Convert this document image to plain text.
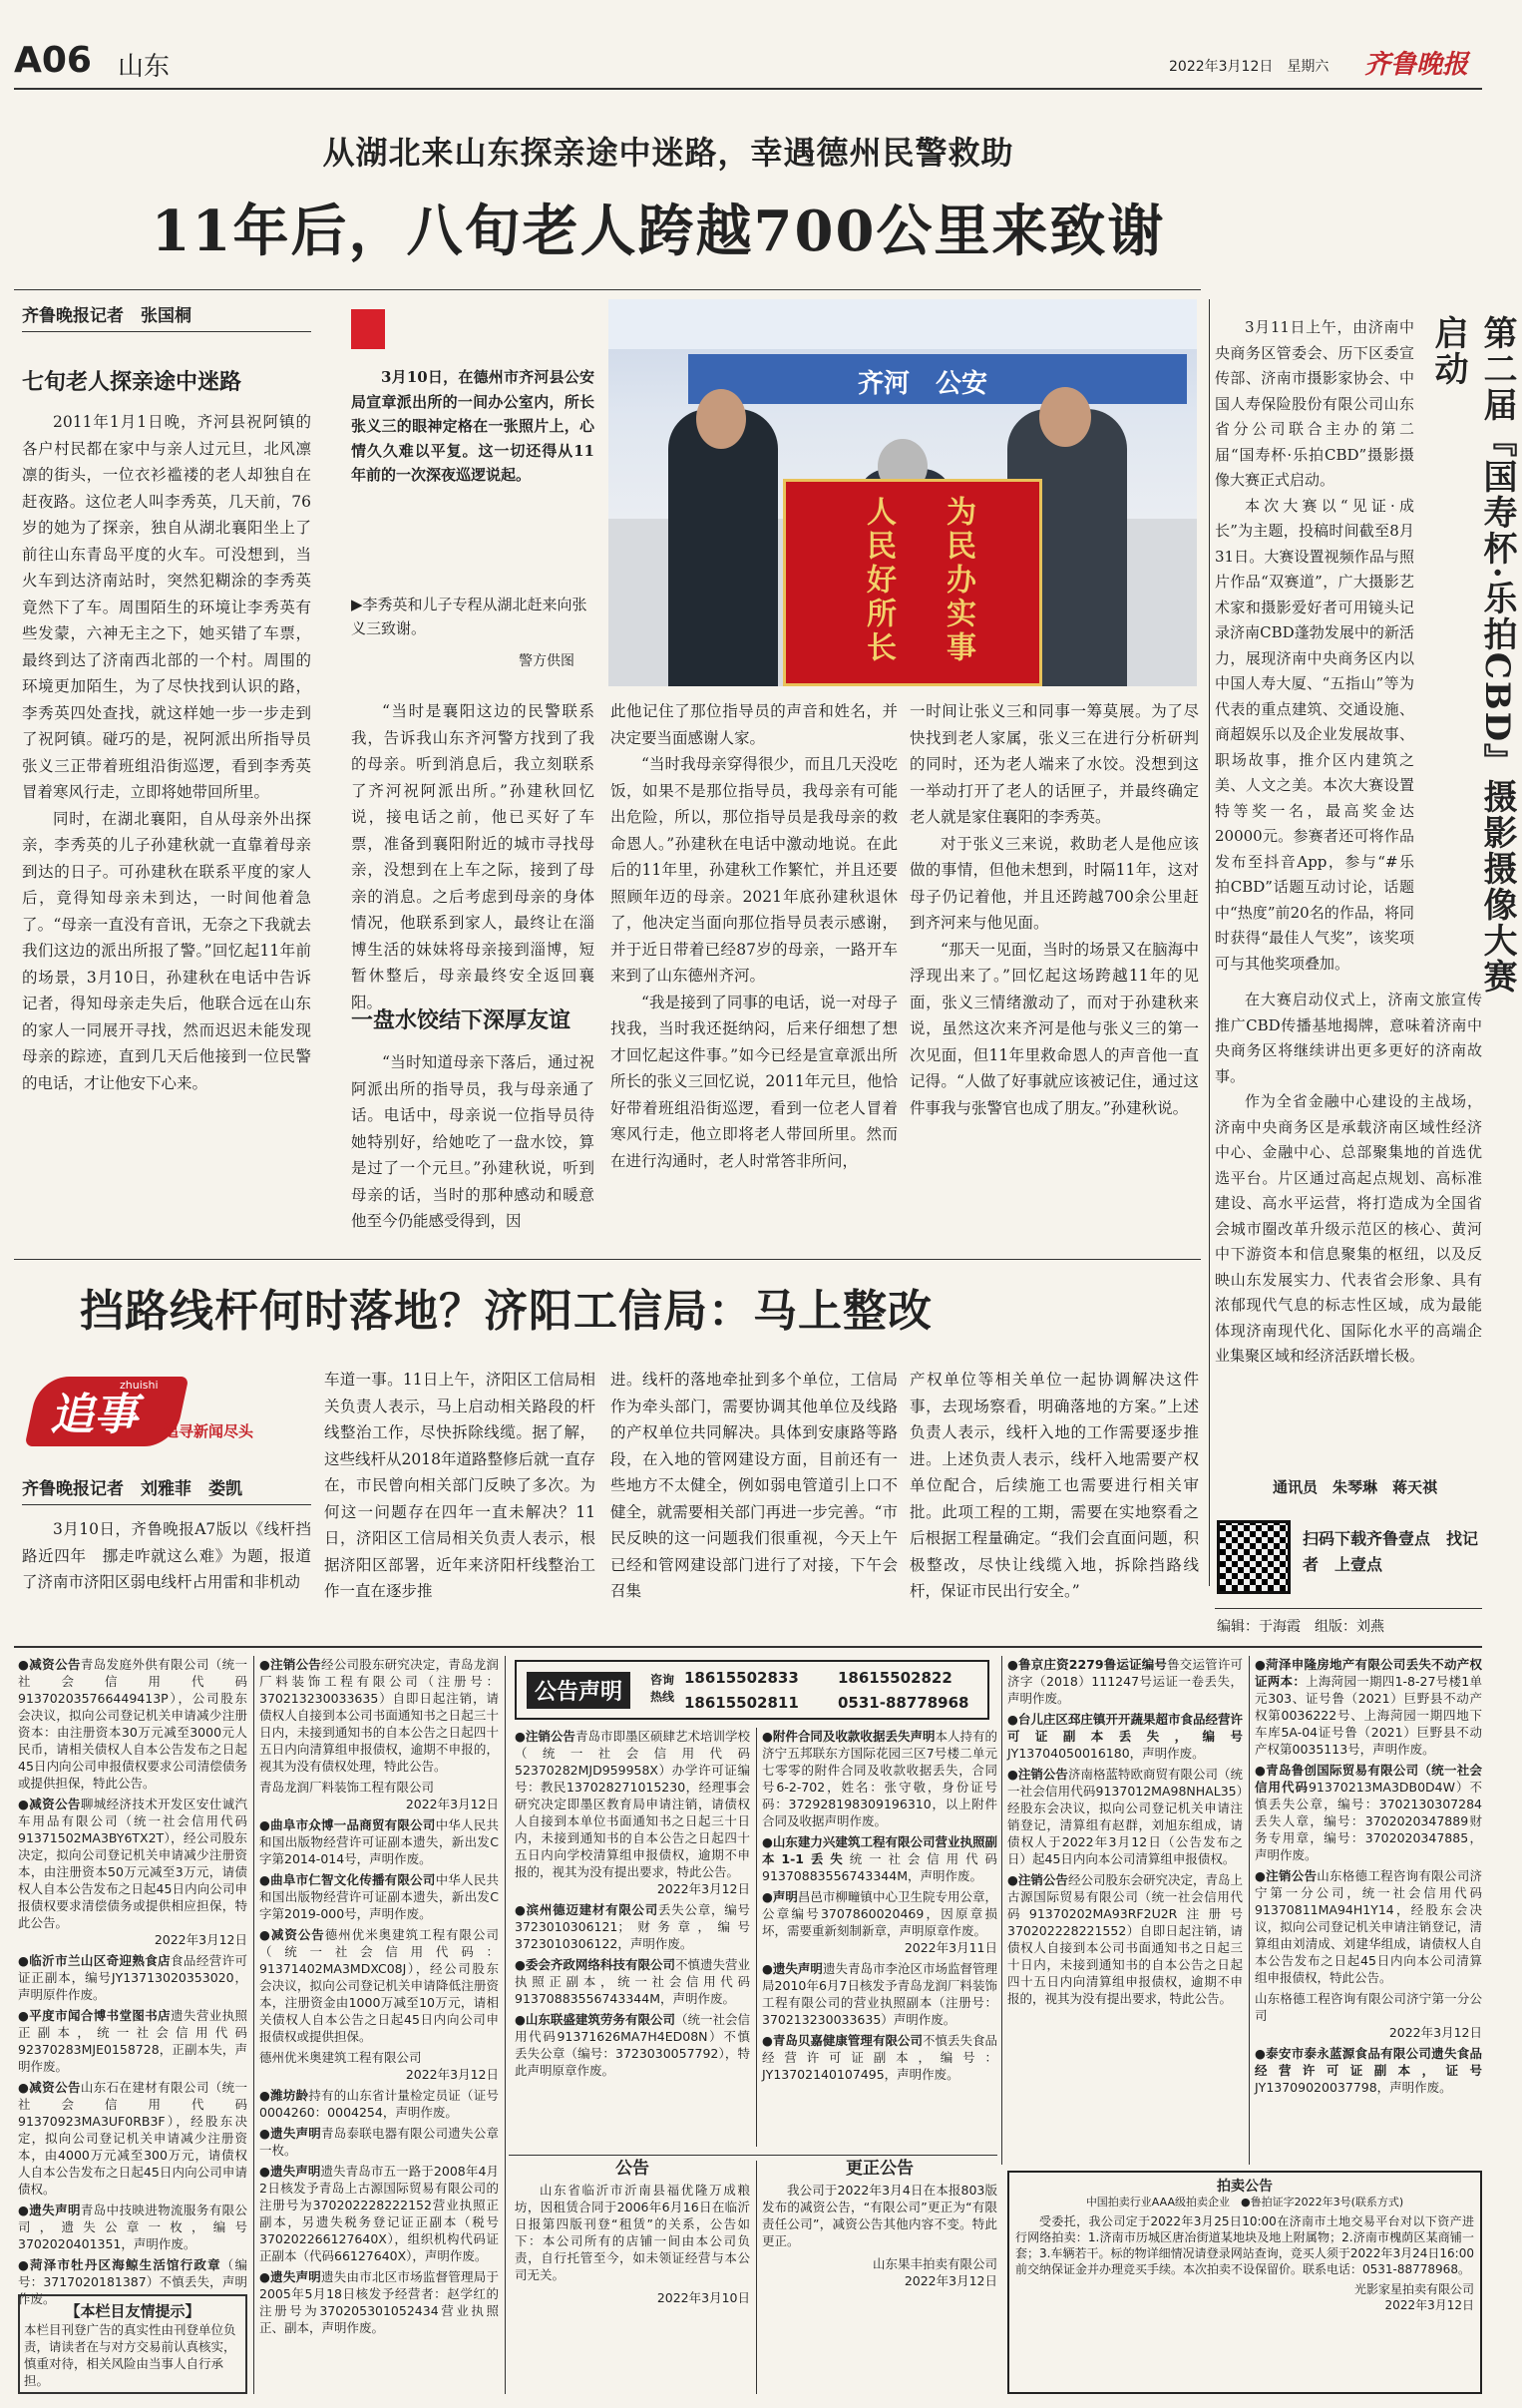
A06 山东	2022年3月12日　星期六 齐鲁晚报
从湖北来山东探亲途中迷路，幸遇德州民警救助
11年后，八旬老人跨越700公里来致谢
齐鲁晚报记者　张国桐
七旬老人探亲途中迷路

2011年1月1日晚，齐河县祝阿镇的各户村民都在家中与亲人过元旦，北风凛凛的街头，一位衣衫褴褛的老人却独自在赶夜路。这位老人叫李秀英，几天前，76岁的她为了探亲，独自从湖北襄阳坐上了前往山东青岛平度的火车。可没想到，当火车到达济南站时，突然犯糊涂的李秀英竟然下了车。周围陌生的环境让李秀英有些发蒙，六神无主之下，她买错了车票，最终到达了济南西北部的一个村。周围的环境更加陌生，为了尽快找到认识的路，李秀英四处查找，就这样她一步一步走到了祝阿镇。碰巧的是，祝阿派出所指导员张义三正带着班组沿街巡逻，看到李秀英冒着寒风行走，立即将她带回所里。

同时，在湖北襄阳，自从母亲外出探亲，李秀英的儿子孙建秋就一直靠着母亲到达的日子。可孙建秋在联系平度的家人后，竟得知母亲未到达，一时间他着急了。“母亲一直没有音讯，无奈之下我就去我们这边的派出所报了警。”回忆起11年前的场景，3月10日，孙建秋在电话中告诉记者，得知母亲走失后，他联合远在山东的家人一同展开寻找，然而迟迟未能发现母亲的踪迹，直到几天后他接到一位民警的电话，才让他安下心来。

3月10日，在德州市齐河县公安局宣章派出所的一间办公室内，所长张义三的眼神定格在一张照片上，心情久久难以平复。这一切还得从11年前的一次深夜巡逻说起。
▶李秀英和儿子专程从湖北赶来向张义三致谢。
警方供图
齐河　公安
为民办实事
人民好所长

“当时是襄阳这边的民警联系我，告诉我山东齐河警方找到了我的母亲。听到消息后，我立刻联系了齐河祝阿派出所。”孙建秋回忆说，接电话之前，他已买好了车票，准备到襄阳附近的城市寻找母亲，没想到在上车之际，接到了母亲的消息。之后考虑到母亲的身体情况，他联系到家人，最终让在淄博生活的妹妹将母亲接到淄博，短暂休整后，母亲最终安全返回襄阳。

一盘水饺结下深厚友谊

“当时知道母亲下落后，通过祝阿派出所的指导员，我与母亲通了话。电话中，母亲说一位指导员待她特别好，给她吃了一盘水饺，算是过了一个元旦。”孙建秋说，听到母亲的话，当时的那种感动和暖意他至今仍能感受得到，因

此他记住了那位指导员的声音和姓名，并决定要当面感谢人家。

“当时我母亲穿得很少，而且几天没吃饭，如果不是那位指导员，我母亲有可能出危险，所以，那位指导员是我母亲的救命恩人。”孙建秋在电话中激动地说。在此后的11年里，孙建秋工作繁忙，并且还要照顾年迈的母亲。2021年底孙建秋退休了，他决定当面向那位指导员表示感谢，并于近日带着已经87岁的母亲，一路开车来到了山东德州齐河。

“我是接到了同事的电话，说一对母子找我，当时我还挺纳闷，后来仔细想了想才回忆起这件事。”如今已经是宣章派出所所长的张义三回忆说，2011年元旦，他恰好带着班组沿街巡逻，看到一位老人冒着寒风行走，他立即将老人带回所里。然而在进行沟通时，老人时常答非所问，

一时间让张义三和同事一筹莫展。为了尽快找到老人家属，张义三在进行分析研判的同时，还为老人端来了水饺。没想到这一举动打开了老人的话匣子，并最终确定老人就是家住襄阳的李秀英。

对于张义三来说，救助老人是他应该做的事情，但他未想到，时隔11年，这对母子仍记着他，并且还跨越700余公里赶到齐河来与他见面。

“那天一见面，当时的场景又在脑海中浮现出来了。”回忆起这场跨越11年的见面，张义三情绪激动了，而对于孙建秋来说，虽然这次来齐河是他与张义三的第一次见面，但11年里救命恩人的声音他一直记得。“人做了好事就应该被记住，通过这件事我与张警官也成了朋友。”孙建秋说。

3月11日上午，由济南中央商务区管委会、历下区委宣传部、济南市摄影家协会、中国人寿保险股份有限公司山东省分公司联合主办的第二届“国寿杯·乐拍CBD”摄影摄像大赛正式启动。

本次大赛以“见证·成长”为主题，投稿时间截至8月31日。大赛设置视频作品与照片作品“双赛道”，广大摄影艺术家和摄影爱好者可用镜头记录济南CBD蓬勃发展中的新活力，展现济南中央商务区内以中国人寿大厦、“五指山”等为代表的重点建筑、交通设施、商超娱乐以及企业发展故事、职场故事，推介区内建筑之美、人文之美。本次大赛设置特等奖一名，最高奖金达20000元。参赛者还可将作品发布至抖音App，参与“#乐拍CBD”话题互动讨论，话题中“热度”前20名的作品，将同时获得“最佳人气奖”，该奖项可与其他奖项叠加。	第二届『国寿杯·乐拍CBD』摄影摄像大赛启动

在大赛启动仪式上，济南文旅宣传推广CBD传播基地揭牌，意味着济南中央商务区将继续讲出更多更好的济南故事。

作为全省金融中心建设的主战场，济南中央商务区是承载济南区域性经济中心、金融中心、总部聚集地的首选优选平台。片区通过高起点规划、高标准建设、高水平运营，将打造成为全国省会城市圈改革升级示范区的核心、黄河中下游资本和信息聚集的枢纽，以及反映山东发展实力、代表省会形象、具有浓郁现代气息的标志性区域，成为最能体现济南现代化、国际化水平的高端企业集聚区域和经济活跃增长极。

通讯员　朱琴琳　蒋天祺
扫码下载齐鲁壹点　找记者　上壹点
编辑：于海霞　组版：刘燕
挡路线杆何时落地？济阳工信局：马上整改
追事
zhuishi
追寻新闻尽头
齐鲁晚报记者　刘雅菲　娄凯

3月10日，齐鲁晚报A7版以《线杆挡路近四年　挪走咋就这么难》为题，报道了济南市济阳区弱电线杆占用雷和非机动

车道一事。11日上午，济阳区工信局相关负责人表示，马上启动相关路段的杆线整治工作，尽快拆除线缆。据了解，这些线杆从2018年道路整修后就一直存在，市民曾向相关部门反映了多次。为何这一问题存在四年一直未解决？11日，济阳区工信局相关负责人表示，根据济阳区部署，近年来济阳杆线整治工作一直在逐步推

进。线杆的落地牵扯到多个单位，工信局作为牵头部门，需要协调其他单位及线路的产权单位共同解决。具体到安康路等路段，在入地的管网建设方面，目前还有一些地方不太健全，例如弱电管道引上口不健全，就需要相关部门再进一步完善。“市民反映的这一问题我们很重视，今天上午已经和管网建设部门进行了对接，下午会召集

产权单位等相关单位一起协调解决这件事，去现场察看，明确落地的方案。”上述负责人表示，线杆入地的工作需要逐步推进。上述负责人表示，线杆入地需要产权单位配合，后续施工也需要进行相关审批。此项工程的工期，需要在实地察看之后根据工程量确定。“我们会直面问题，积极整改，尽快让线缆入地，拆除挡路线杆，保证市民出行安全。”

●减资公告青岛发庭外供有限公司（统一社会信用代码913702035766449413P），公司股东会决议，拟向公司登记机关申请减少注册资本：由注册资本30万元减至3000元人民币，请相关债权人自本公告发布之日起45日内向公司申报债权要求公司清偿债务或提供担保，特此公告。
●减资公告聊城经济技术开发区安仕诚汽车用品有限公司（统一社会信用代码91371502MA3BY6TX2T），经公司股东决定，拟向公司登记机关申请减少注册资本，由注册资本50万元减至3万元，请债权人自本公告发布之日起45日内向公司申报债权要求清偿债务或提供相应担保，特此公告。
2022年3月12日
●临沂市兰山区奇迎熟食店食品经营许可证正副本，编号JY13713020353020，声明原件作废。
●平度市闻合博书堂图书店遗失营业执照正副本，统一社会信用代码92370283MJE0158728，正副本失，声明作废。
●减资公告山东石在建材有限公司（统一社会信用代码91370923MA3UF0RB3F），经股东决定，拟向公司登记机关申请减少注册资本，由4000万元减至300万元，请债权人自本公告发布之日起45日内向公司申请债权。
●遗失声明青岛中技映进物流服务有限公司，遗失公章一枚，编号3702020401351，声明作废。
●菏泽市牡丹区海鲸生活馆行政章（编号：3717020181387）不慎丢失，声明作废。
【本栏目友情提示】
本栏目刊登广告的真实性由刊登单位负责，请读者在与对方交易前认真核实，慎重对待，相关风险由当事人自行承担。
●注销公告经公司股东研究决定，青岛龙润厂料装饰工程有限公司（注册号：370213230033635）自即日起注销，请债权人自接到本公司书面通知书之日起三十日内，未接到通知书的自本公告之日起四十五日内向清算组申报债权，逾期不申报的，视其为没有债权处理，特此公告。
青岛龙润厂料装饰工程有限公司
2022年3月12日
●曲阜市众博一品商贸有限公司中华人民共和国出版物经营许可证副本遗失，新出发C字第2014-014号，声明作废。
●曲阜市仁智文化传播有限公司中华人民共和国出版物经营许可证副本遗失，新出发C字第2019-000号，声明作废。
●减资公告德州优米奥建筑工程有限公司（统一社会信用代码：91371402MA3MDXC08J），经公司股东会决议，拟向公司登记机关申请降低注册资本，注册资金由1000万减至10万元，请相关债权人自本公告之日起45日内向公司申报债权或提供担保。
德州优米奥建筑工程有限公司
2022年3月12日
●潍坊龄持有的山东省计量检定员证（证号0004260：0004254，声明作废。
●遗失声明青岛泰联电器有限公司遗失公章一枚。
●遗失声明遗失青岛市五一路于2008年4月2日核发予青岛上古源国际贸易有限公司的注册号为370202228222152营业执照正副本，另遗失税务登记证正副本（税号370202266127640X），组织机构代码证正副本（代码66127640X），声明作废。
●遗失声明遗失由市北区市场监督管理局于2005年5月18日核发予经营者：赵学红的注册号为370205301052434营业执照正、副本，声明作废。
公告声明	咨询热线
18615502833	18615502822
18615502811	0531-88778968
●注销公告青岛市即墨区硕肆艺术培训学校（统一社会信用代码52370282MJD959958X）办学许可证编号：教民137028271015230，经理事会研究决定即墨区教育局申请注销，请债权人自接到本单位书面通知书之日起三十日内，未接到通知书的自本公告之日起四十五日内向学校清算组申报债权，逾期不申报的，视其为没有提出要求，特此公告。
2022年3月12日
●滨州德迈建材有限公司丢失公章，编号3723010306121；财务章，编号3723010306122，声明作废。
●委会齐政网络科技有限公司不慎遗失营业执照正副本，统一社会信用代码91370883556743344M，声明作废。
●山东联盛建筑劳务有限公司（统一社会信用代码91371626MA7H4ED08N）不慎丢失公章（编号：3723030057792），特此声明原章作废。
●附件合同及收款收据丢失声明本人持有的济宁五邦联东方国际花园三区7号楼二单元七零零的附件合同及收款收据丢失，合同号6-2-702，姓名：张守敬，身份证号码：372928198309196310，以上附件合同及收据声明作废。
●山东建力兴建筑工程有限公司营业执照副本1-1丢失统一社会信用代码91370883556743344M，声明作废。
●声明昌邑市柳疃镇中心卫生院专用公章，公章编号3707860020469，因原章损坏，需要重新刻制新章，声明原章作废。
2022年3月11日
●遗失声明遗失青岛市李沧区市场监督管理局2010年6月7日核发予青岛龙润厂料装饰工程有限公司的营业执照副本（注册号：370213230033635）声明作废。
●青岛贝嘉健康管理有限公司不慎丢失食品经营许可证副本，编号：JY13702140107495，声明作废。
●鲁京庄资2279鲁运证编号鲁交运管许可济字（2018）111247号运证一卷丢失，声明作废。
●台儿庄区邳庄镇开开蔬果超市食品经营许可证副本丢失，编号JY13704050016180，声明作废。
●注销公告济南格蓝特欧商贸有限公司（统一社会信用代码9137012MA98NHAL35）经股东会决议，拟向公司登记机关申请注销登记，清算组有赵群，刘旭东组成，请债权人于2022年3月12日（公告发布之日）起45日内向本公司清算组申报债权。
●注销公告经公司股东会研究决定，青岛上古源国际贸易有限公司（统一社会信用代码91370202MA93RF2U2R注册号370202228221552）自即日起注销，请债权人自接到本公司书面通知书之日起三十日内，未接到通知书的自本公告之日起四十五日内向清算组申报债权，逾期不申报的，视其为没有提出要求，特此公告。
●菏泽申隆房地产有限公司丢失不动产权证两本：上海菏园一期四1-8-27号楼1单元303、证号鲁（2021）巨野县不动产权第0036222号、上海菏园一期四地下车库5A-04证号鲁（2021）巨野县不动产权第0035113号，声明作废。
●青岛鲁创国际贸易有限公司（统一社会信用代码91370213MA3DB0D4W）不慎丢失公章，编号：3702130307284丢失人章，编号：3702020347889财务专用章，编号：3702020347885，声明作废。
●注销公告山东格德工程咨询有限公司济宁第一分公司，统一社会信用代码91370811MA94H1Y14，经股东会决议，拟向公司登记机关申请注销登记，清算组由刘清成、刘建华组成，请债权人自本公告发布之日起45日内向本公司清算组申报债权，特此公告。
山东格德工程咨询有限公司济宁第一分公司
2022年3月12日
●泰安市泰永蓝源食品有限公司遗失食品经营许可证副本，证号JY13709020037798，声明作废。
公告
山东省临沂市沂南县福优隆万成粮坊，因租赁合同于2006年6月16日在临沂日报第四版刊登“租赁”的关系，公告如下：本公司所有的店铺一间由本公司负责，自行托管至今，如未领证经营与本公司无关。
2022年3月10日
更正公告
我公司于2022年3月4日在本报803版发布的减资公告，“有限公司”更正为“有限责任公司”，减资公告其他内容不变。特此更正。
山东果丰拍卖有限公司
2022年3月12日
拍卖公告
中国拍卖行业AAA级拍卖企业　●鲁拍证字2022年3号(联系方式)
受委托，我公司定于2022年3月25日10:00在济南市土地交易平台对以下资产进行网络拍卖：1.济南市历城区唐冶街道某地块及地上附属物；2.济南市槐荫区某商铺一套；3.车辆若干。标的物详细情况请登录网站查询，竞买人须于2022年3月24日16:00前交纳保证金并办理竞买手续。本次拍卖不设保留价。联系电话：0531-88778968。
光影家星拍卖有限公司
2022年3月12日
